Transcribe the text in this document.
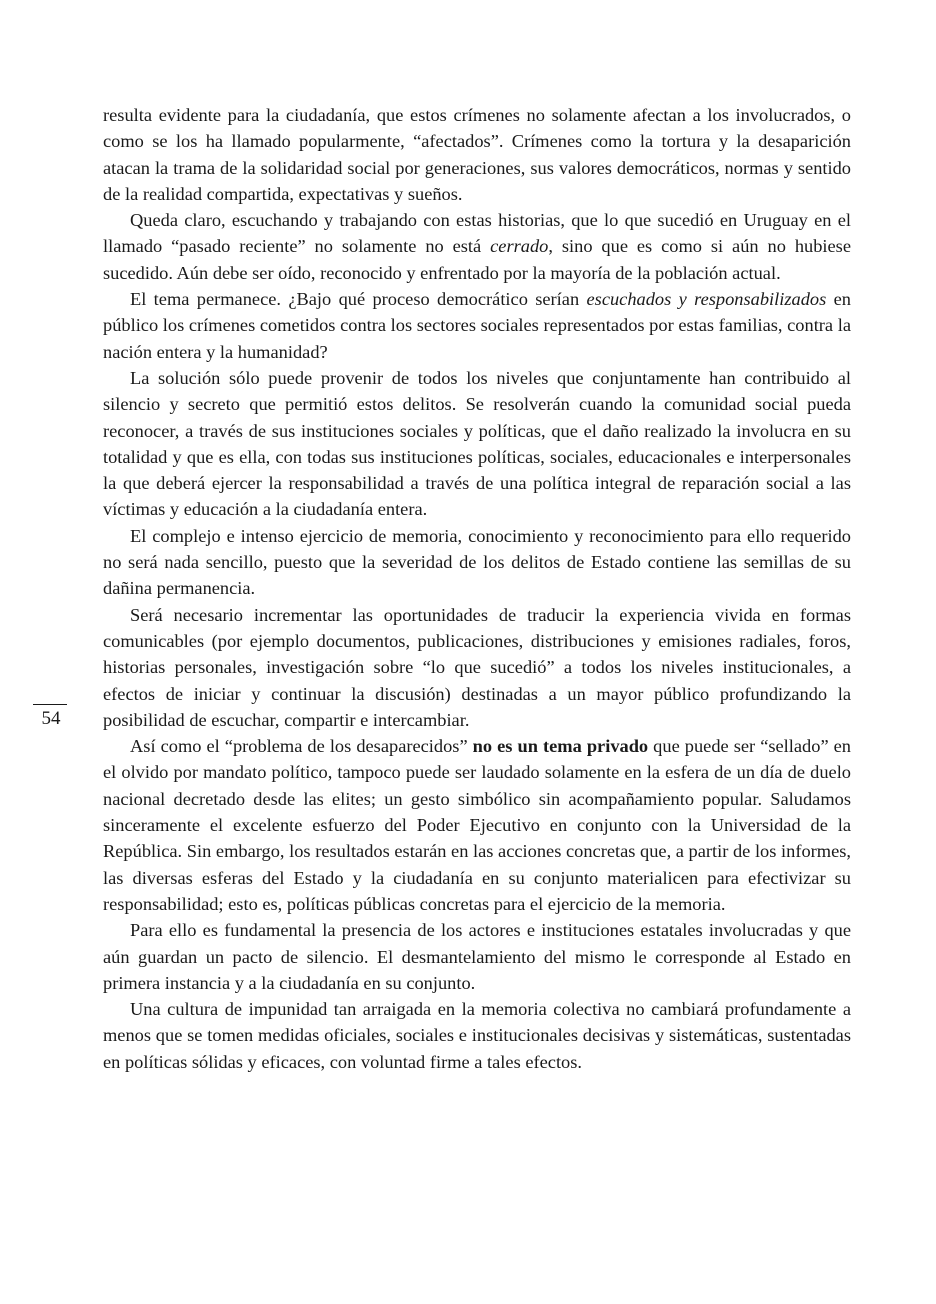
54

resulta evidente para la ciudadanía, que estos crímenes no solamente afectan a los involucrados, o como se los ha llamado popularmente, “afectados”. Crímenes como la tortura y la desaparición atacan la trama de la solidaridad social por generaciones, sus valores democráticos, normas y sentido de la realidad compartida, expectativas y sueños.

Queda claro, escuchando y trabajando con estas historias, que lo que sucedió en Uruguay en el llamado “pasado reciente” no solamente no está cerrado, sino que es como si aún no hubiese sucedido. Aún debe ser oído, reconocido y enfrentado por la mayoría de la población actual.

El tema permanece. ¿Bajo qué proceso democrático serían escuchados y responsabilizados en público los crímenes cometidos contra los sectores sociales representados por estas familias, contra la nación entera y la humanidad?

La solución sólo puede provenir de todos los niveles que conjuntamente han contribuido al silencio y secreto que permitió estos delitos. Se resolverán cuando la comunidad social pueda reconocer, a través de sus instituciones sociales y políticas, que el daño realizado la involucra en su totalidad y que es ella, con todas sus instituciones políticas, sociales, educacionales e interpersonales la que deberá ejercer la responsabilidad a través de una política integral de reparación social a las víctimas y educación a la ciudadanía entera.

El complejo e intenso ejercicio de memoria, conocimiento y reconocimiento para ello requerido no será nada sencillo, puesto que la severidad de los delitos de Estado contiene las semillas de su dañina permanencia.

Será necesario incrementar las oportunidades de traducir la experiencia vivida en formas comunicables (por ejemplo documentos, publicaciones, distribuciones y emisiones radiales, foros, historias personales, investigación sobre “lo que sucedió” a todos los niveles institucionales, a efectos de iniciar y continuar la discusión) destinadas a un mayor público profundizando la posibilidad de escuchar, compartir e intercambiar.

Así como el “problema de los desaparecidos” no es un tema privado que puede ser “sellado” en el olvido por mandato político, tampoco puede ser laudado solamente en la esfera de un día de duelo nacional decretado desde las elites; un gesto simbólico sin acompañamiento popular. Saludamos sinceramente el excelente esfuerzo del Poder Ejecutivo en conjunto con la Universidad de la República. Sin embargo, los resultados estarán en las acciones concretas que, a partir de los informes, las diversas esferas del Estado y la ciudadanía en su conjunto materialicen para efectivizar su responsabilidad; esto es, políticas públicas concretas para el ejercicio de la memoria.

Para ello es fundamental la presencia de los actores e instituciones estatales involucradas y que aún guardan un pacto de silencio. El desmantelamiento del mismo le corresponde al Estado en primera instancia y a la ciudadanía en su conjunto.

Una cultura de impunidad tan arraigada en la memoria colectiva no cambiará profundamente a menos que se tomen medidas oficiales, sociales e institucionales decisivas y sistemáticas, sustentadas en políticas sólidas y eficaces, con voluntad firme a tales efectos.
